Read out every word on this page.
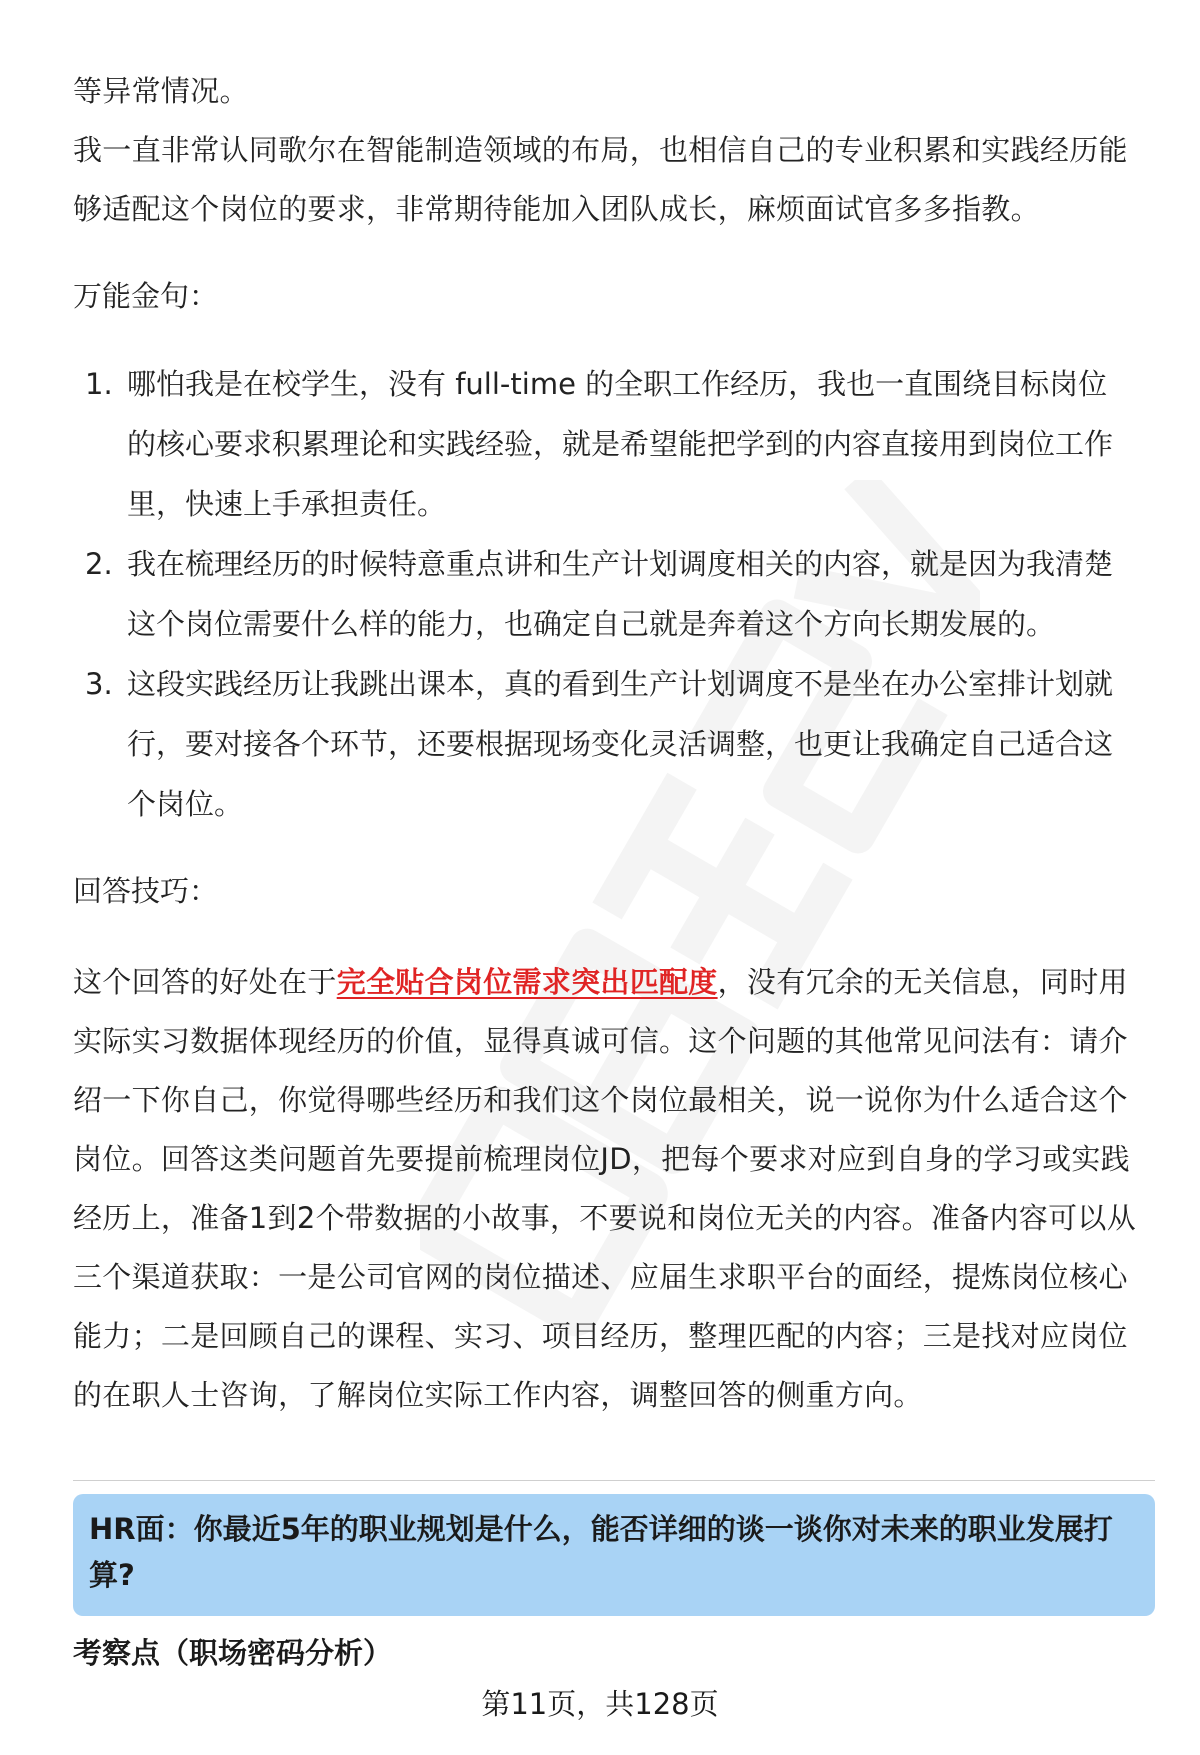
等异常情况。

我一直非常认同歌尔在智能制造领域的布局，也相信自己的专业积累和实践经历能

够适配这个岗位的要求，非常期待能加入团队成长，麻烦面试官多多指教。

万能金句：

1. 哪怕我是在校学生，没有 full-time 的全职工作经历，我也一直围绕目标岗位
的核心要求积累理论和实践经验，就是希望能把学到的内容直接用到岗位工作
里，快速上手承担责任。
2. 我在梳理经历的时候特意重点讲和生产计划调度相关的内容，就是因为我清楚
这个岗位需要什么样的能力，也确定自己就是奔着这个方向长期发展的。
3. 这段实践经历让我跳出课本，真的看到生产计划调度不是坐在办公室排计划就
行，要对接各个环节，还要根据现场变化灵活调整，也更让我确定自己适合这
个岗位。

回答技巧：

这个回答的好处在于完全贴合岗位需求突出匹配度，没有冗余的无关信息，同时用

实际实习数据体现经历的价值，显得真诚可信。这个问题的其他常见问法有：请介

绍一下你自己，你觉得哪些经历和我们这个岗位最相关，说一说你为什么适合这个

岗位。回答这类问题首先要提前梳理岗位JD，把每个要求对应到自身的学习或实践

经历上，准备1到2个带数据的小故事，不要说和岗位无关的内容。准备内容可以从

三个渠道获取：一是公司官网的岗位描述、应届生求职平台的面经，提炼岗位核心

能力；二是回顾自己的课程、实习、项目经历，整理匹配的内容；三是找对应岗位

的在职人士咨询，了解岗位实际工作内容，调整回答的侧重方向。

HR面：你最近5年的职业规划是什么，能否详细的谈一谈你对未来的职业发展打

算?

考察点（职场密码分析）

第11页，共128页
